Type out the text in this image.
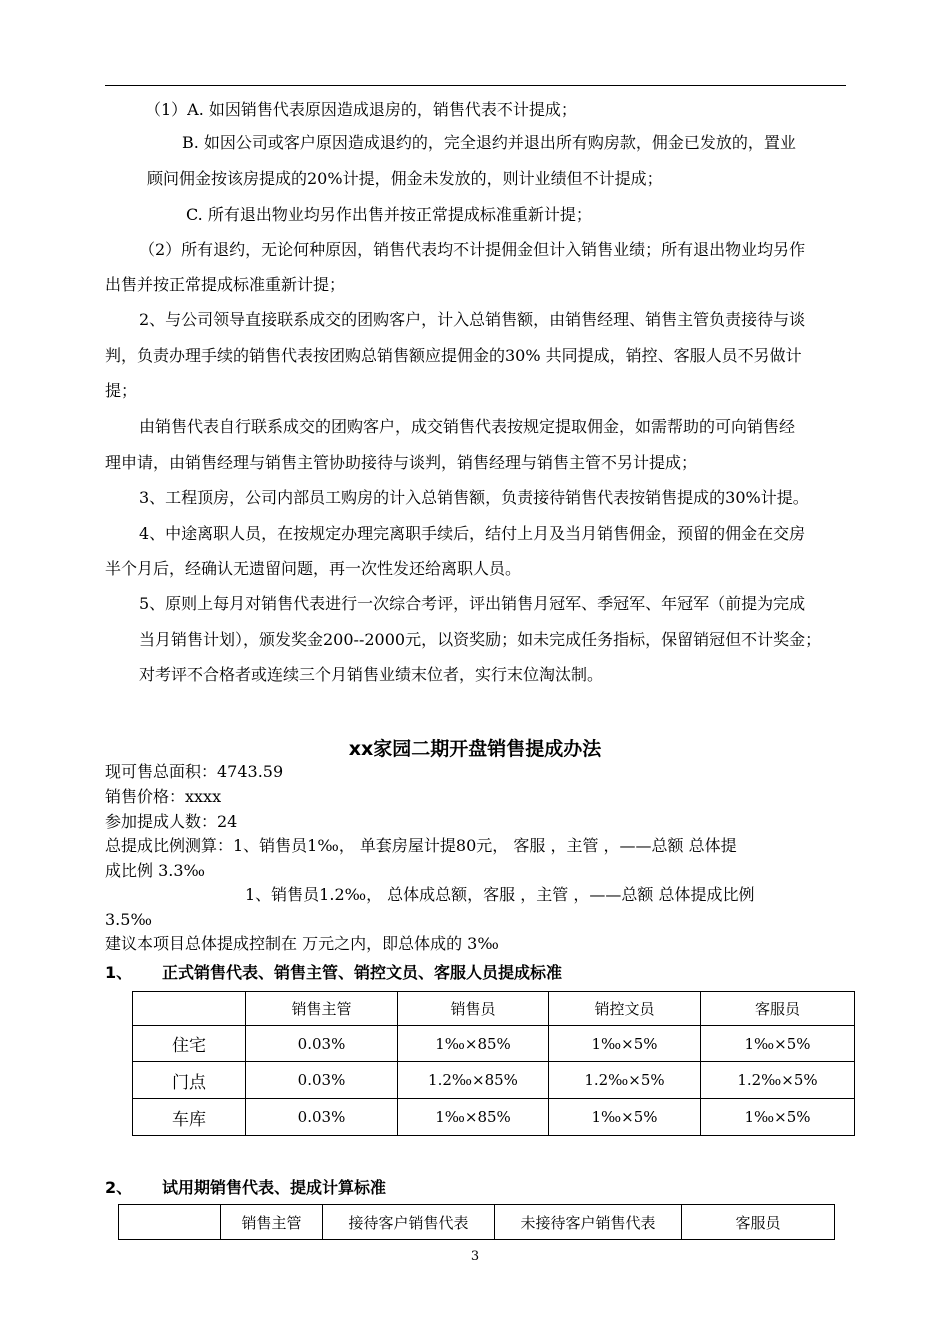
（1）A. 如因销售代表原因造成退房的，销售代表不计提成；
B. 如因公司或客户原因造成退约的，完全退约并退出所有购房款，佣金已发放的，置业
顾问佣金按该房提成的20%计提，佣金未发放的，则计业绩但不计提成；
C. 所有退出物业均另作出售并按正常提成标准重新计提；
（2）所有退约，无论何种原因，销售代表均不计提佣金但计入销售业绩；所有退出物业均另作
出售并按正常提成标准重新计提；
2、与公司领导直接联系成交的团购客户，计入总销售额，由销售经理、销售主管负责接待与谈
判，负责办理手续的销售代表按团购总销售额应提佣金的30% 共同提成，销控、客服人员不另做计
提；
由销售代表自行联系成交的团购客户，成交销售代表按规定提取佣金，如需帮助的可向销售经
理申请，由销售经理与销售主管协助接待与谈判，销售经理与销售主管不另计提成；
3、工程顶房，公司内部员工购房的计入总销售额，负责接待销售代表按销售提成的30%计提。
4、中途离职人员，在按规定办理完离职手续后，结付上月及当月销售佣金，预留的佣金在交房
半个月后，经确认无遗留问题，再一次性发还给离职人员。
5、原则上每月对销售代表进行一次综合考评，评出销售月冠军、季冠军、年冠军（前提为完成
当月销售计划），颁发奖金200--2000元，以资奖励；如未完成任务指标，保留销冠但不计奖金；
对考评不合格者或连续三个月销售业绩末位者，实行末位淘汰制。
xx家园二期开盘销售提成办法
现可售总面积：4743.59
销售价格：xxxx
参加提成人数：24
总提成比例测算：1、销售员1‰， 单套房屋计提80元， 客服 ，主管 ，——总额 总体提
成比例 3.3‰
1、销售员1.2‰， 总体成总额，客服 ，主管 ，——总额 总体提成比例
3.5‰
建议本项目总体提成控制在 万元之内，即总体成的 3‰
1、 正式销售代表、销售主管、销控文员、客服人员提成标准
	销售主管	销售员	销控文员	客服员
住宅	0.03%	1‰×85%	1‰×5%	1‰×5%
门点	0.03%	1.2‰×85%	1.2‰×5%	1.2‰×5%
车库	0.03%	1‰×85%	1‰×5%	1‰×5%
2、 试用期销售代表、提成计算标准
	销售主管	接待客户销售代表	未接待客户销售代表	客服员
3
